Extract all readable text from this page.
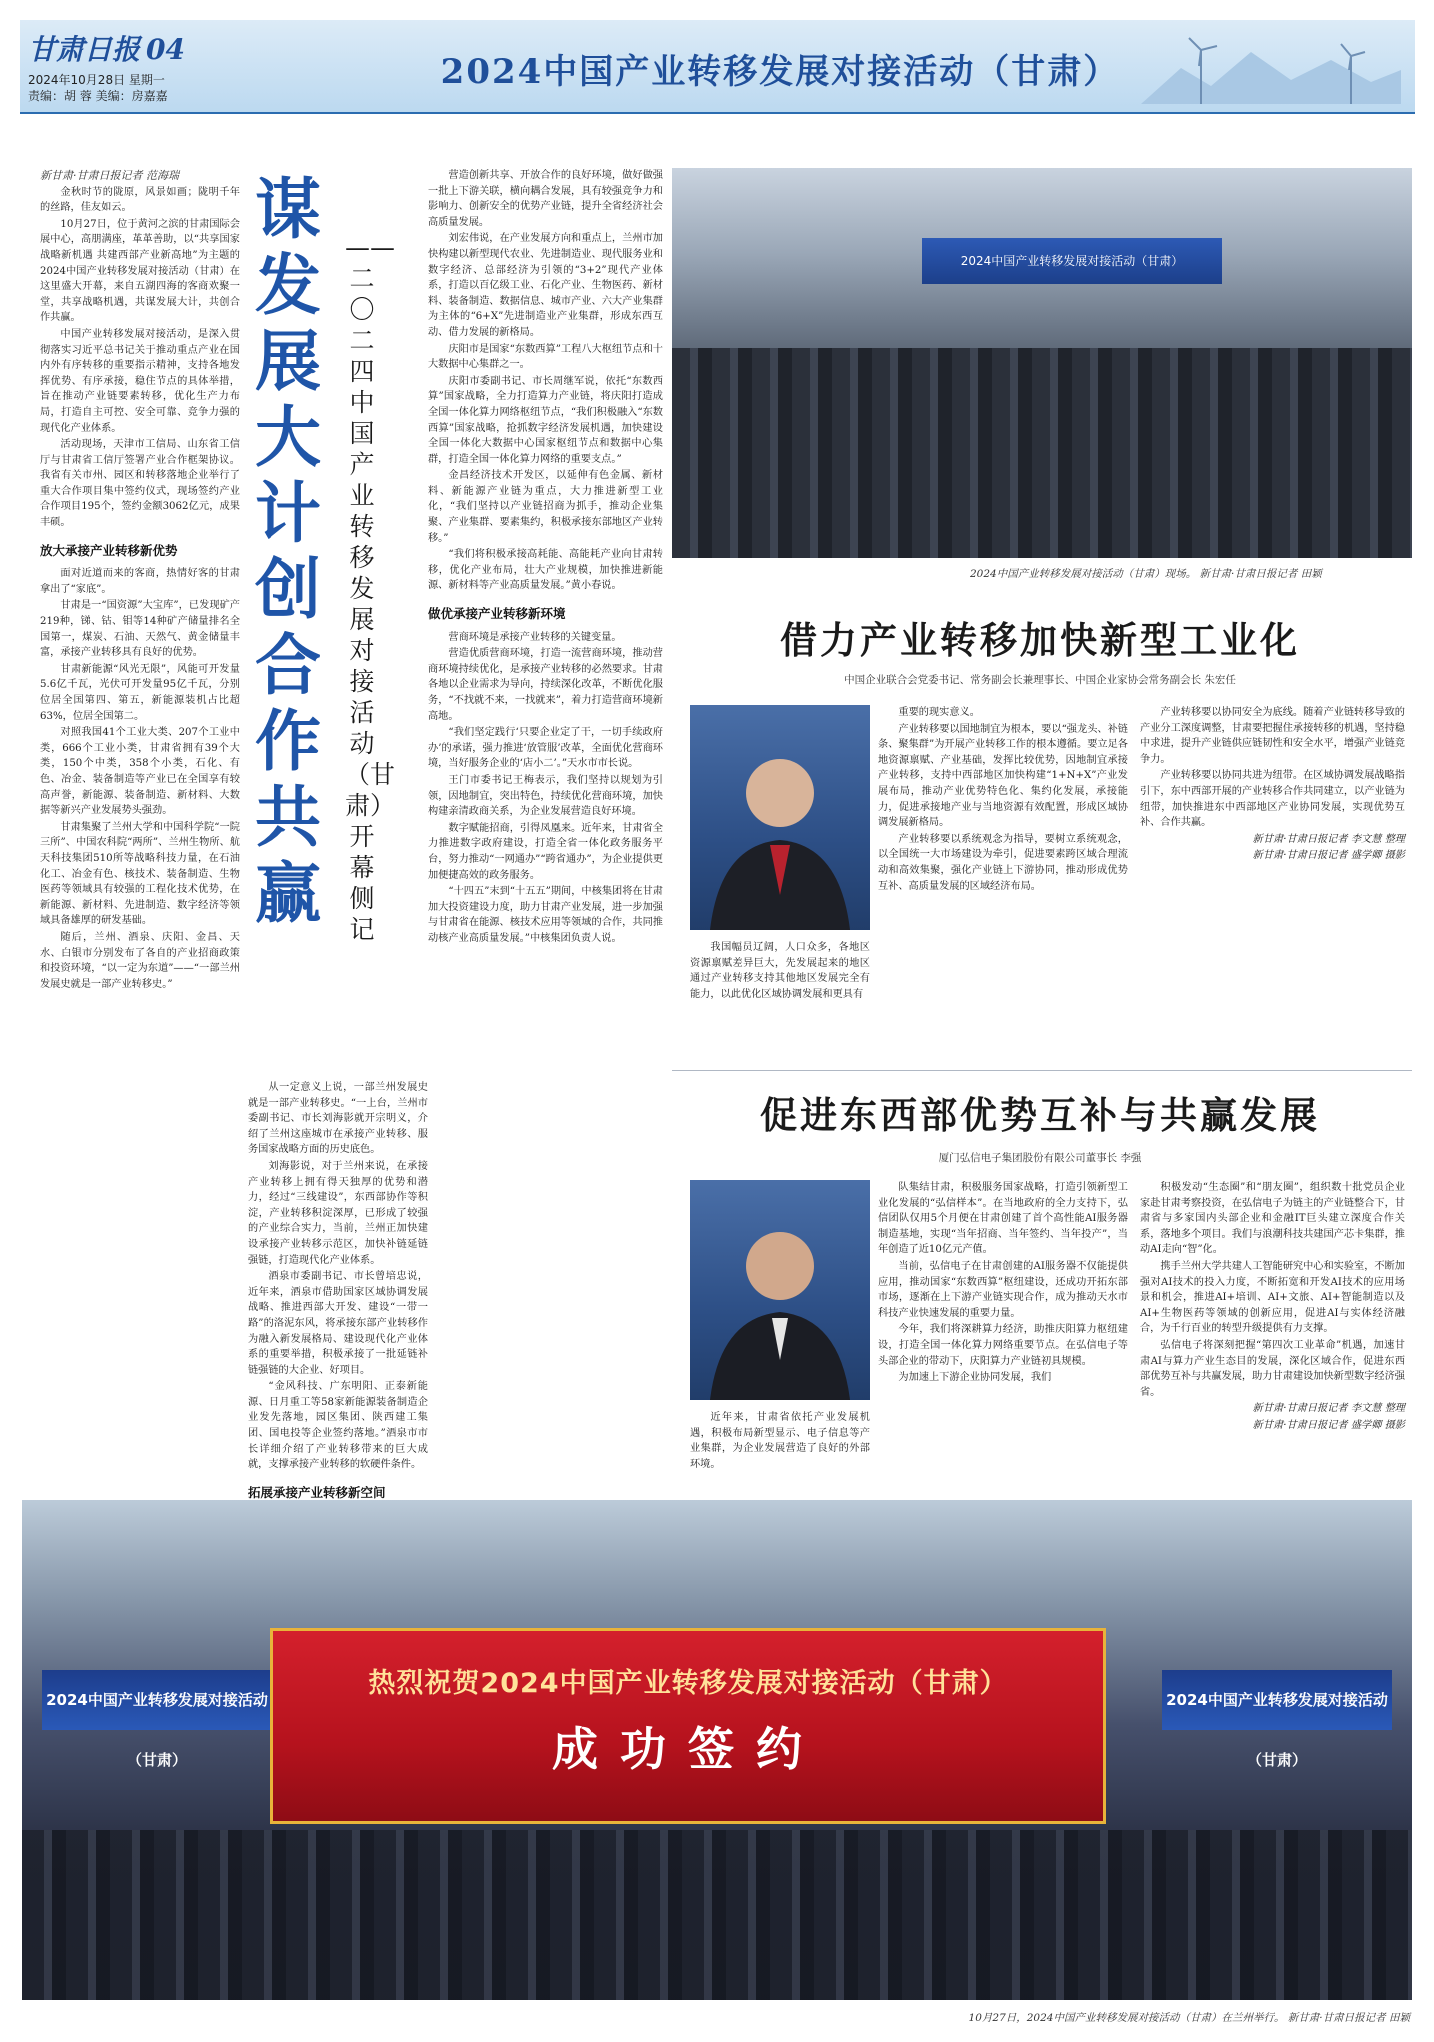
甘肃日报 04
2024年10月28日 星期一
责编：胡 蓉 美编：房嘉嘉
2024中国产业转移发展对接活动（甘肃）

新甘肃·甘肃日报记者 范海瑞

金秋时节的陇原，风景如画；陇明千年的丝路，佳友如云。

10月27日，位于黄河之滨的甘肃国际会展中心，高朋满座，革革善助，以“共享国家战略新机遇 共建西部产业新高地”为主题的2024中国产业转移发展对接活动（甘肃）在这里盛大开幕，来自五湖四海的客商欢聚一堂，共享战略机遇，共谋发展大计，共创合作共赢。

中国产业转移发展对接活动，是深入贯彻落实习近平总书记关于推动重点产业在国内外有序转移的重要指示精神，支持各地发挥优势、有序承接，稳住节点的具体举措，旨在推动产业链要素转移，优化生产力布局，打造自主可控、安全可靠、竞争力强的现代化产业体系。

活动现场，天津市工信局、山东省工信厅与甘肃省工信厅签署产业合作框架协议。我省有关市州、园区和转移落地企业举行了重大合作项目集中签约仪式，现场签约产业合作项目195个，签约金额3062亿元，成果丰硕。

放大承接产业转移新优势

面对近道而来的客商，热情好客的甘肃拿出了“家底”。

甘肃是一“国资源”大宝库”，已发现矿产219种，锑、钴、钼等14种矿产储量排名全国第一，煤炭、石油、天然气、黄金储量丰富，承接产业转移具有良好的优势。

甘肃新能源“风光无限”，风能可开发量5.6亿千瓦，光伏可开发量95亿千瓦，分别位居全国第四、第五，新能源装机占比超63%，位居全国第二。

对照我国41个工业大类、207个工业中类，666个工业小类，甘肃省拥有39个大类，150个中类，358个小类，石化、有色、冶金、装备制造等产业已在全国享有较高声誉，新能源、装备制造、新材料、大数据等新兴产业发展势头强劲。

甘肃集聚了兰州大学和中国科学院“一院三所”、中国农科院“两所”、兰州生物所、航天科技集团510所等战略科技力量，在石油化工、冶金有色、核技术、装备制造、生物医药等领域具有较强的工程化技术优势，在新能源、新材料、先进制造、数字经济等领域具备雄厚的研发基础。

随后，兰州、酒泉、庆阳、金昌、天水、白银市分别发布了各自的产业招商政策和投资环境，“以一定为东道”——“一部兰州发展史就是一部产业转移史。”

谋发展大计 创合作共赢
——二〇二四中国产业转移发展对接活动（甘肃）开幕侧记

从一定意义上说，一部兰州发展史就是一部产业转移史。“一上台，兰州市委副书记、市长刘海影就开宗明义，介绍了兰州这座城市在承接产业转移、服务国家战略方面的历史底色。

刘海影说，对于兰州来说，在承接产业转移上拥有得天独厚的优势和潜力，经过“三线建设”，东西部协作等积淀，产业转移积淀深厚，已形成了较强的产业综合实力，当前，兰州正加快建设承接产业转移示范区，加快补链延链强链，打造现代化产业体系。

酒泉市委副书记、市长曾培忠说，近年来，酒泉市借助国家区域协调发展战略、推进西部大开发、建设“一带一路”的洛泥东风，将承接东部产业转移作为融入新发展格局、建设现代化产业体系的重要举措，积极承接了一批延链补链强链的大企业、好项目。

“金风科技、广东明阳、正泰新能源、日月重工等58家新能源装备制造企业发先落地，园区集团、陕西建工集团、国电投等企业签约落地。”酒泉市市长详细介绍了产业转移带来的巨大成就，支撑承接产业转移的软硬件条件。

拓展承接产业转移新空间

营造创新共享、开放合作的良好环境，做好做强一批上下游关联，横向耦合发展，具有较强竞争力和影响力、创新安全的优势产业链，提升全省经济社会高质量发展。

刘宏伟说，在产业发展方向和重点上，兰州市加快构建以新型现代农业、先进制造业、现代服务业和数字经济、总部经济为引领的“3+2”现代产业体系，打造以百亿级工业、石化产业、生物医药、新材料、装备制造、数据信息、城市产业、六大产业集群为主体的“6+X”先进制造业产业集群，形成东西互动、借力发展的新格局。

庆阳市是国家“东数西算”工程八大枢纽节点和十大数据中心集群之一。

庆阳市委副书记、市长周继军说，依托“东数西算”国家战略，全力打造算力产业链，将庆阳打造成全国一体化算力网络枢纽节点，“我们积极融入“东数西算”国家战略，抢抓数字经济发展机遇，加快建设全国一体化大数据中心国家枢纽节点和数据中心集群，打造全国一体化算力网络的重要支点。”

金昌经济技术开发区，以延伸有色金属、新材料、新能源产业链为重点，大力推进新型工业化，“我们坚持以产业链招商为抓手，推动企业集聚、产业集群、要素集约，积极承接东部地区产业转移。”

“我们将积极承接高耗能、高能耗产业向甘肃转移，优化产业布局，壮大产业规模，加快推进新能源、新材料等产业高质量发展。”黄小春说。

做优承接产业转移新环境

营商环境是承接产业转移的关键变量。

营造优质营商环境，打造一流营商环境，推动营商环境持续优化，是承接产业转移的必然要求。甘肃各地以企业需求为导向，持续深化改革，不断优化服务，“不找就不来，一找就来”，着力打造营商环境新高地。

“我们坚定践行‘只要企业定了干，一切手续政府办’的承诺，强力推进‘放管服’改革，全面优化营商环境，当好服务企业的‘店小二’。”天水市市长说。

王门市委书记王梅表示，我们坚持以规划为引领，因地制宜，突出特色，持续优化营商环境，加快构建亲清政商关系，为企业发展营造良好环境。

数字赋能招商，引得凤凰来。近年来，甘肃省全力推进数字政府建设，打造全省一体化政务服务平台，努力推动“一网通办”“跨省通办”，为企业提供更加便捷高效的政务服务。

“十四五”末到“十五五”期间，中核集团将在甘肃加大投资建设力度，助力甘肃产业发展，进一步加强与甘肃省在能源、核技术应用等领域的合作，共同推动核产业高质量发展。”中核集团负责人说。

2024中国产业转移发展对接活动（甘肃）
2024中国产业转移发展对接活动（甘肃）现场。 新甘肃·甘肃日报记者 田颖
借力产业转移加快新型工业化
中国企业联合会党委书记、常务副会长兼理事长、中国企业家协会常务副会长 朱宏任

我国幅员辽阔，人口众多，各地区资源禀赋差异巨大，先发展起来的地区通过产业转移支持其他地区发展完全有能力，以此优化区域协调发展和更具有

重要的现实意义。

产业转移要以国地制宜为根本，要以“强龙头、补链条、聚集群”为开展产业转移工作的根本遵循。要立足各地资源禀赋、产业基础，发挥比较优势，因地制宜承接产业转移，支持中西部地区加快构建“1+N+X”产业发展布局，推动产业优势特色化、集约化发展，承接能力，促进承接地产业与当地资源有效配置，形成区域协调发展新格局。

产业转移要以系统观念为指导，要树立系统观念，以全国统一大市场建设为牵引，促进要素跨区域合理流动和高效集聚，强化产业链上下游协同，推动形成优势互补、高质量发展的区域经济布局。

产业转移要以协同安全为底线。随着产业链转移导致的产业分工深度调整，甘肃要把握住承接转移的机遇，坚持稳中求进，提升产业链供应链韧性和安全水平，增强产业链竞争力。

产业转移要以协同共进为纽带。在区域协调发展战略指引下，东中西部开展的产业转移合作共同建立，以产业链为纽带，加快推进东中西部地区产业协同发展，实现优势互补、合作共赢。

新甘肃·甘肃日报记者 李文慧 整理

新甘肃·甘肃日报记者 盛学卿 摄影

促进东西部优势互补与共赢发展
厦门弘信电子集团股份有限公司董事长 李强

近年来，甘肃省依托产业发展机遇，积极布局新型显示、电子信息等产业集群，为企业发展营造了良好的外部环境。

队集结甘肃，积极服务国家战略，打造引领新型工业化发展的“弘信样本”。在当地政府的全力支持下，弘信团队仅用5个月便在甘肃创建了首个高性能AI服务器制造基地，实现“当年招商、当年签约、当年投产”，当年创造了近10亿元产值。

当前，弘信电子在甘肃创建的AI服务器不仅能提供应用，推动国家“东数西算”枢纽建设，还成功开拓东部市场，逐渐在上下游产业链实现合作，成为推动天水市科技产业快速发展的重要力量。

今年，我们将深耕算力经济，助推庆阳算力枢纽建设，打造全国一体化算力网络重要节点。在弘信电子等头部企业的带动下，庆阳算力产业链初具规模。

为加速上下游企业协同发展，我们

积极发动“生态圈”和“朋友圈”，组织数十批党员企业家赴甘肃考察投资，在弘信电子为链主的产业链整合下，甘肃省与多家国内头部企业和金融IT巨头建立深度合作关系，落地多个项目。我们与浪潮科技共建国产芯卡集群，推动AI走向“智”化。

携手兰州大学共建人工智能研究中心和实验室，不断加强对AI技术的投入力度，不断拓宽和开发AI技术的应用场景和机会，推进AI+培训、AI+文旅、AI+智能制造以及AI+生物医药等领域的创新应用，促进AI与实体经济融合，为千行百业的转型升级提供有力支撑。

弘信电子将深刻把握“第四次工业革命”机遇，加速甘肃AI与算力产业生态目的发展，深化区域合作，促进东西部优势互补与共赢发展，助力甘肃建设加快新型数字经济强省。

新甘肃·甘肃日报记者 李文慧 整理

新甘肃·甘肃日报记者 盛学卿 摄影

2024中国产业转移发展对接活动（甘肃）
2024中国产业转移发展对接活动（甘肃）
热烈祝贺2024中国产业转移发展对接活动（甘肃）
成功签约
10月27日，2024中国产业转移发展对接活动（甘肃）在兰州举行。 新甘肃·甘肃日报记者 田颖
